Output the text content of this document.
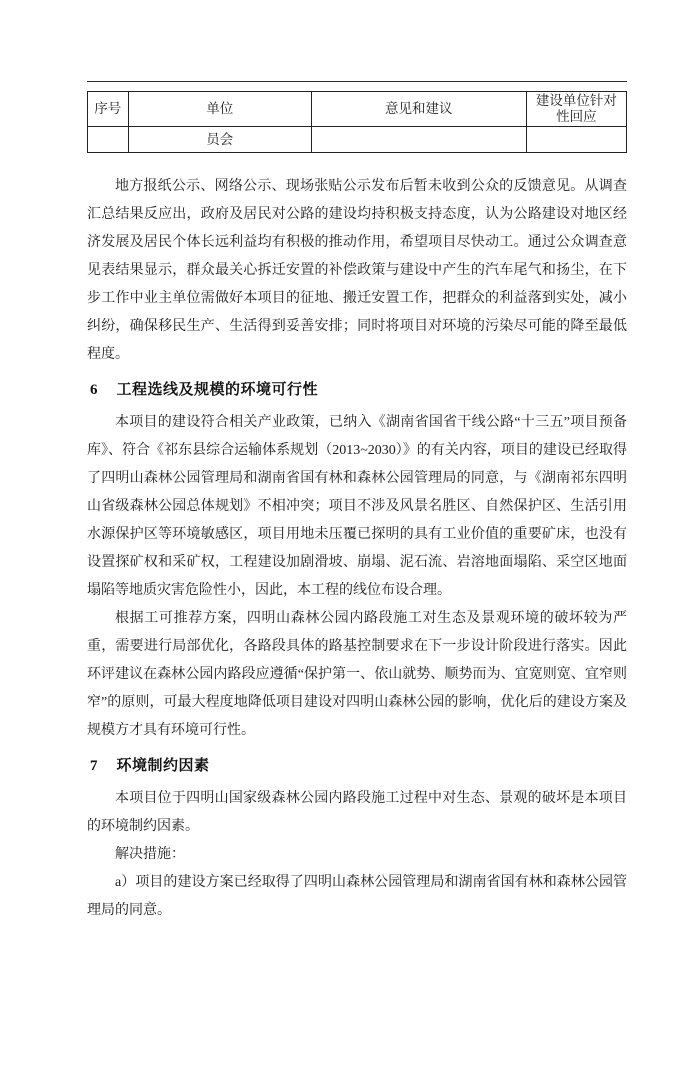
序号	单位	意见和建议	建设单位针对性回应
	员会		

地方报纸公示、网络公示、现场张贴公示发布后暂未收到公众的反馈意见。从调查汇总结果反应出，政府及居民对公路的建设均持积极支持态度，认为公路建设对地区经济发展及居民个体长远利益均有积极的推动作用，希望项目尽快动工。通过公众调查意见表结果显示，群众最关心拆迁安置的补偿政策与建设中产生的汽车尾气和扬尘，在下步工作中业主单位需做好本项目的征地、搬迁安置工作，把群众的利益落到实处，减小纠纷，确保移民生产、生活得到妥善安排；同时将项目对环境的污染尽可能的降至最低程度。

6 工程选线及规模的环境可行性

本项目的建设符合相关产业政策，已纳入《湖南省国省干线公路“十三五”项目预备库》、符合《祁东县综合运输体系规划（2013~2030）》的有关内容，项目的建设已经取得了四明山森林公园管理局和湖南省国有林和森林公园管理局的同意，与《湖南祁东四明山省级森林公园总体规划》不相冲突；项目不涉及风景名胜区、自然保护区、生活引用水源保护区等环境敏感区，项目用地未压覆已探明的具有工业价值的重要矿床，也没有设置探矿权和采矿权，工程建设加剧滑坡、崩塌、泥石流、岩溶地面塌陷、采空区地面塌陷等地质灾害危险性小，因此，本工程的线位布设合理。

根据工可推荐方案，四明山森林公园内路段施工对生态及景观环境的破坏较为严重，需要进行局部优化，各路段具体的路基控制要求在下一步设计阶段进行落实。因此环评建议在森林公园内路段应遵循“保护第一、依山就势、顺势而为、宜宽则宽、宜窄则窄”的原则，可最大程度地降低项目建设对四明山森林公园的影响，优化后的建设方案及规模方才具有环境可行性。

7 环境制约因素

本项目位于四明山国家级森林公园内路段施工过程中对生态、景观的破坏是本项目的环境制约因素。

解决措施：

a）项目的建设方案已经取得了四明山森林公园管理局和湖南省国有林和森林公园管理局的同意。
